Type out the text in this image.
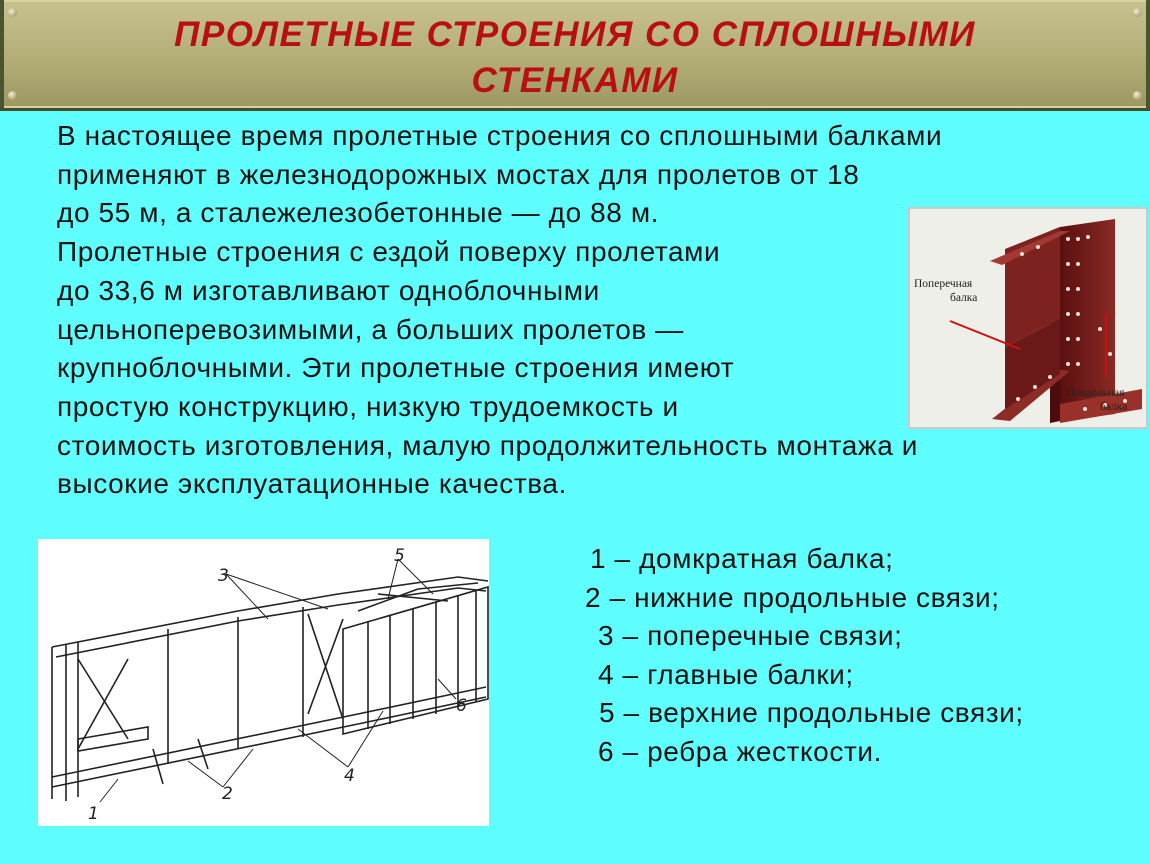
ПРОЛЕТНЫЕ СТРОЕНИЯ СО СПЛОШНЫМИ
СТЕНКАМИ
В настоящее время пролетные строения со сплошными балками
применяют в железнодорожных мостах для пролетов от 18
до 55 м, а сталежелезобетонные — до 88 м.
Пролетные строения с ездой поверху пролетами
до 33,6 м изготавливают одноблочными
цельноперевозимыми, а больших пролетов —
крупноблочными. Эти пролетные строения имеют
простую конструкцию, низкую трудоемкость и
стоимость изготовления, малую продолжительность монтажа и
высокие эксплуатационные качества.
Поперечная
балка
Продольная
балка
1
2
3
4
5
6
1 – домкратная балка;
2 – нижние продольные связи;
3 – поперечные связи;
4 – главные балки;
5 – верхние продольные связи;
6 – ребра жесткости.
